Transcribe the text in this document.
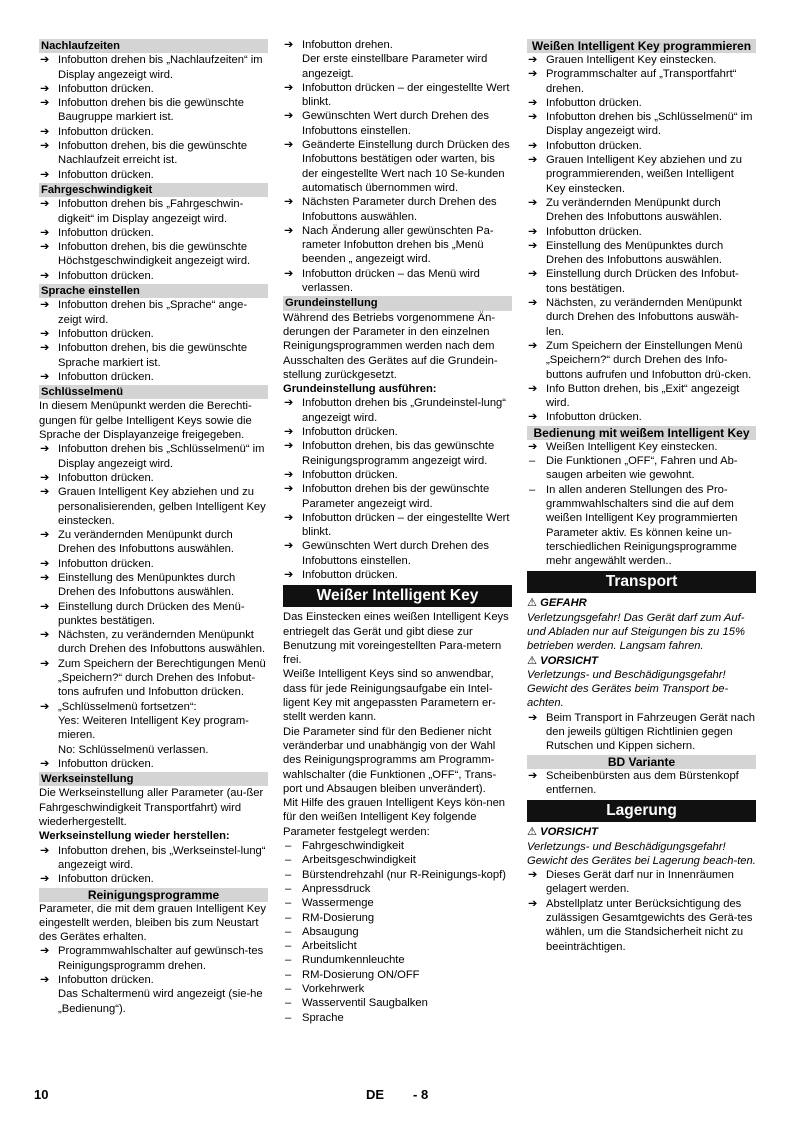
Nachlaufzeiten
➔ Infobutton drehen bis „Nachlaufzeiten“ im Display angezeigt wird.
➔ Infobutton drücken.
➔ Infobutton drehen bis die gewünschte Baugruppe markiert ist.
➔ Infobutton drücken.
➔ Infobutton drehen, bis die gewünschte Nachlaufzeit erreicht ist.
➔ Infobutton drücken.
Fahrgeschwindigkeit
➔ Infobutton drehen bis „Fahrgeschwin-digkeit“ im Display angezeigt wird.
➔ Infobutton drücken.
➔ Infobutton drehen, bis die gewünschte Höchstgeschwindigkeit angezeigt wird.
➔ Infobutton drücken.
Sprache einstellen
➔ Infobutton drehen bis „Sprache“ ange-zeigt wird.
➔ Infobutton drücken.
➔ Infobutton drehen, bis die gewünschte Sprache markiert ist.
➔ Infobutton drücken.
Schlüsselmenü
In diesem Menüpunkt werden die Berechti-gungen für gelbe Intelligent Keys sowie die Sprache der Displayanzeige freigegeben.
➔ Infobutton drehen bis „Schlüsselmenü“ im Display angezeigt wird.
➔ Infobutton drücken.
➔ Grauen Intelligent Key abziehen und zu personalisierenden, gelben Intelligent Key einstecken.
➔ Zu verändernden Menüpunkt durch Drehen des Infobuttons auswählen.
➔ Infobutton drücken.
➔ Einstellung des Menüpunktes durch Drehen des Infobuttons auswählen.
➔ Einstellung durch Drücken des Menü-punktes bestätigen.
➔ Nächsten, zu verändernden Menüpunkt durch Drehen des Infobuttons auswählen.
➔ Zum Speichern der Berechtigungen Menü „Speichern?“ durch Drehen des Infobut-tons aufrufen und Infobutton drücken.
➔ „Schlüsselmenü fortsetzen“:
Yes: Weiteren Intelligent Key program-mieren.
No: Schlüsselmenü verlassen.
➔ Infobutton drücken.
Werkseinstellung
Die Werkseinstellung aller Parameter (au-ßer Fahrgeschwindigkeit Transportfahrt) wird wiederhergestellt.
Werkseinstellung wieder herstellen:
➔ Infobutton drehen, bis „Werkseinstel-lung“ angezeigt wird.
➔ Infobutton drücken.
Reinigungsprogramme
Parameter, die mit dem grauen Intelligent Key eingestellt werden, bleiben bis zum Neustart des Gerätes erhalten.
➔ Programmwahlschalter auf gewünsch-tes Reinigungsprogramm drehen.
➔ Infobutton drücken.
Das Schaltermenü wird angezeigt (sie-he „Bedienung“).
➔ Infobutton drehen.
Der erste einstellbare Parameter wird angezeigt.
➔ Infobutton drücken – der eingestellte Wert blinkt.
➔ Gewünschten Wert durch Drehen des Infobuttons einstellen.
➔ Geänderte Einstellung durch Drücken des Infobuttons bestätigen oder warten, bis der eingestellte Wert nach 10 Se-kunden automatisch übernommen wird.
➔ Nächsten Parameter durch Drehen des Infobuttons auswählen.
➔ Nach Änderung aller gewünschten Pa-rameter Infobutton drehen bis „Menü beenden „ angezeigt wird.
➔ Infobutton drücken – das Menü wird verlassen.
Grundeinstellung
Während des Betriebs vorgenommene Än-derungen der Parameter in den einzelnen Reinigungsprogrammen werden nach dem Ausschalten des Gerätes auf die Grundein-stellung zurückgesetzt.
Grundeinstellung ausführen:
➔ Infobutton drehen bis „Grundeinstel-lung“ angezeigt wird.
➔ Infobutton drücken.
➔ Infobutton drehen, bis das gewünschte Reinigungsprogramm angezeigt wird.
➔ Infobutton drücken.
➔ Infobutton drehen bis der gewünschte Parameter angezeigt wird.
➔ Infobutton drücken – der eingestellte Wert blinkt.
➔ Gewünschten Wert durch Drehen des Infobuttons einstellen.
➔ Infobutton drücken.
Weißer Intelligent Key
Das Einstecken eines weißen Intelligent Keys entriegelt das Gerät und gibt diese zur Benutzung mit voreingestellten Para-metern frei.
Weiße Intelligent Keys sind so anwendbar, dass für jede Reinigungsaufgabe ein Intel-ligent Key mit angepassten Parametern er-stellt werden kann.
Die Parameter sind für den Bediener nicht veränderbar und unabhängig von der Wahl des Reinigungsprogramms am Programm-wahlschalter (die Funktionen „OFF“, Trans-port und Absaugen bleiben unverändert).
Mit Hilfe des grauen Intelligent Keys kön-nen für den weißen Intelligent Key folgende Parameter festgelegt werden:
– Fahrgeschwindigkeit
– Arbeitsgeschwindigkeit
– Bürstendrehzahl (nur R-Reinigungs-kopf)
– Anpressdruck
– Wassermenge
– RM-Dosierung
– Absaugung
– Arbeitslicht
– Rundumkennleuchte
– RM-Dosierung ON/OFF
– Vorkehrwerk
– Wasserventil Saugbalken
– Sprache
Weißen Intelligent Key programmieren
➔ Grauen Intelligent Key einstecken.
➔ Programmschalter auf „Transportfahrt“ drehen.
➔ Infobutton drücken.
➔ Infobutton drehen bis „Schlüsselmenü“ im Display angezeigt wird.
➔ Infobutton drücken.
➔ Grauen Intelligent Key abziehen und zu programmierenden, weißen Intelligent Key einstecken.
➔ Zu verändernden Menüpunkt durch Drehen des Infobuttons auswählen.
➔ Infobutton drücken.
➔ Einstellung des Menüpunktes durch Drehen des Infobuttons auswählen.
➔ Einstellung durch Drücken des Infobut-tons bestätigen.
➔ Nächsten, zu verändernden Menüpunkt durch Drehen des Infobuttons auswäh-len.
➔ Zum Speichern der Einstellungen Menü „Speichern?“ durch Drehen des Info-buttons aufrufen und Infobutton drü-cken.
➔ Info Button drehen, bis „Exit“ angezeigt wird.
➔ Infobutton drücken.
Bedienung mit weißem Intelligent Key
➔ Weißen Intelligent Key einstecken.
– Die Funktionen „OFF“, Fahren und Ab-saugen arbeiten wie gewohnt.
– In allen anderen Stellungen des Pro-grammwahlschalters sind die auf dem weißen Intelligent Key programmierten Parameter aktiv. Es können keine un-terschiedlichen Reinigungsprogramme mehr angewählt werden..
Transport
⚠ GEFAHR
Verletzungsgefahr! Das Gerät darf zum Auf- und Abladen nur auf Steigungen bis zu 15% betrieben werden. Langsam fahren.
⚠ VORSICHT
Verletzungs- und Beschädigungsgefahr! Gewicht des Gerätes beim Transport be-achten.
➔ Beim Transport in Fahrzeugen Gerät nach den jeweils gültigen Richtlinien gegen Rutschen und Kippen sichern.
BD Variante
➔ Scheibenbürsten aus dem Bürstenkopf entfernen.
Lagerung
⚠ VORSICHT
Verletzungs- und Beschädigungsgefahr! Gewicht des Gerätes bei Lagerung beach-ten.
➔ Dieses Gerät darf nur in Innenräumen gelagert werden.
➔ Abstellplatz unter Berücksichtigung des zulässigen Gesamtgewichts des Gerä-tes wählen, um die Standsicherheit nicht zu beeinträchtigen.
10	DE - 8
